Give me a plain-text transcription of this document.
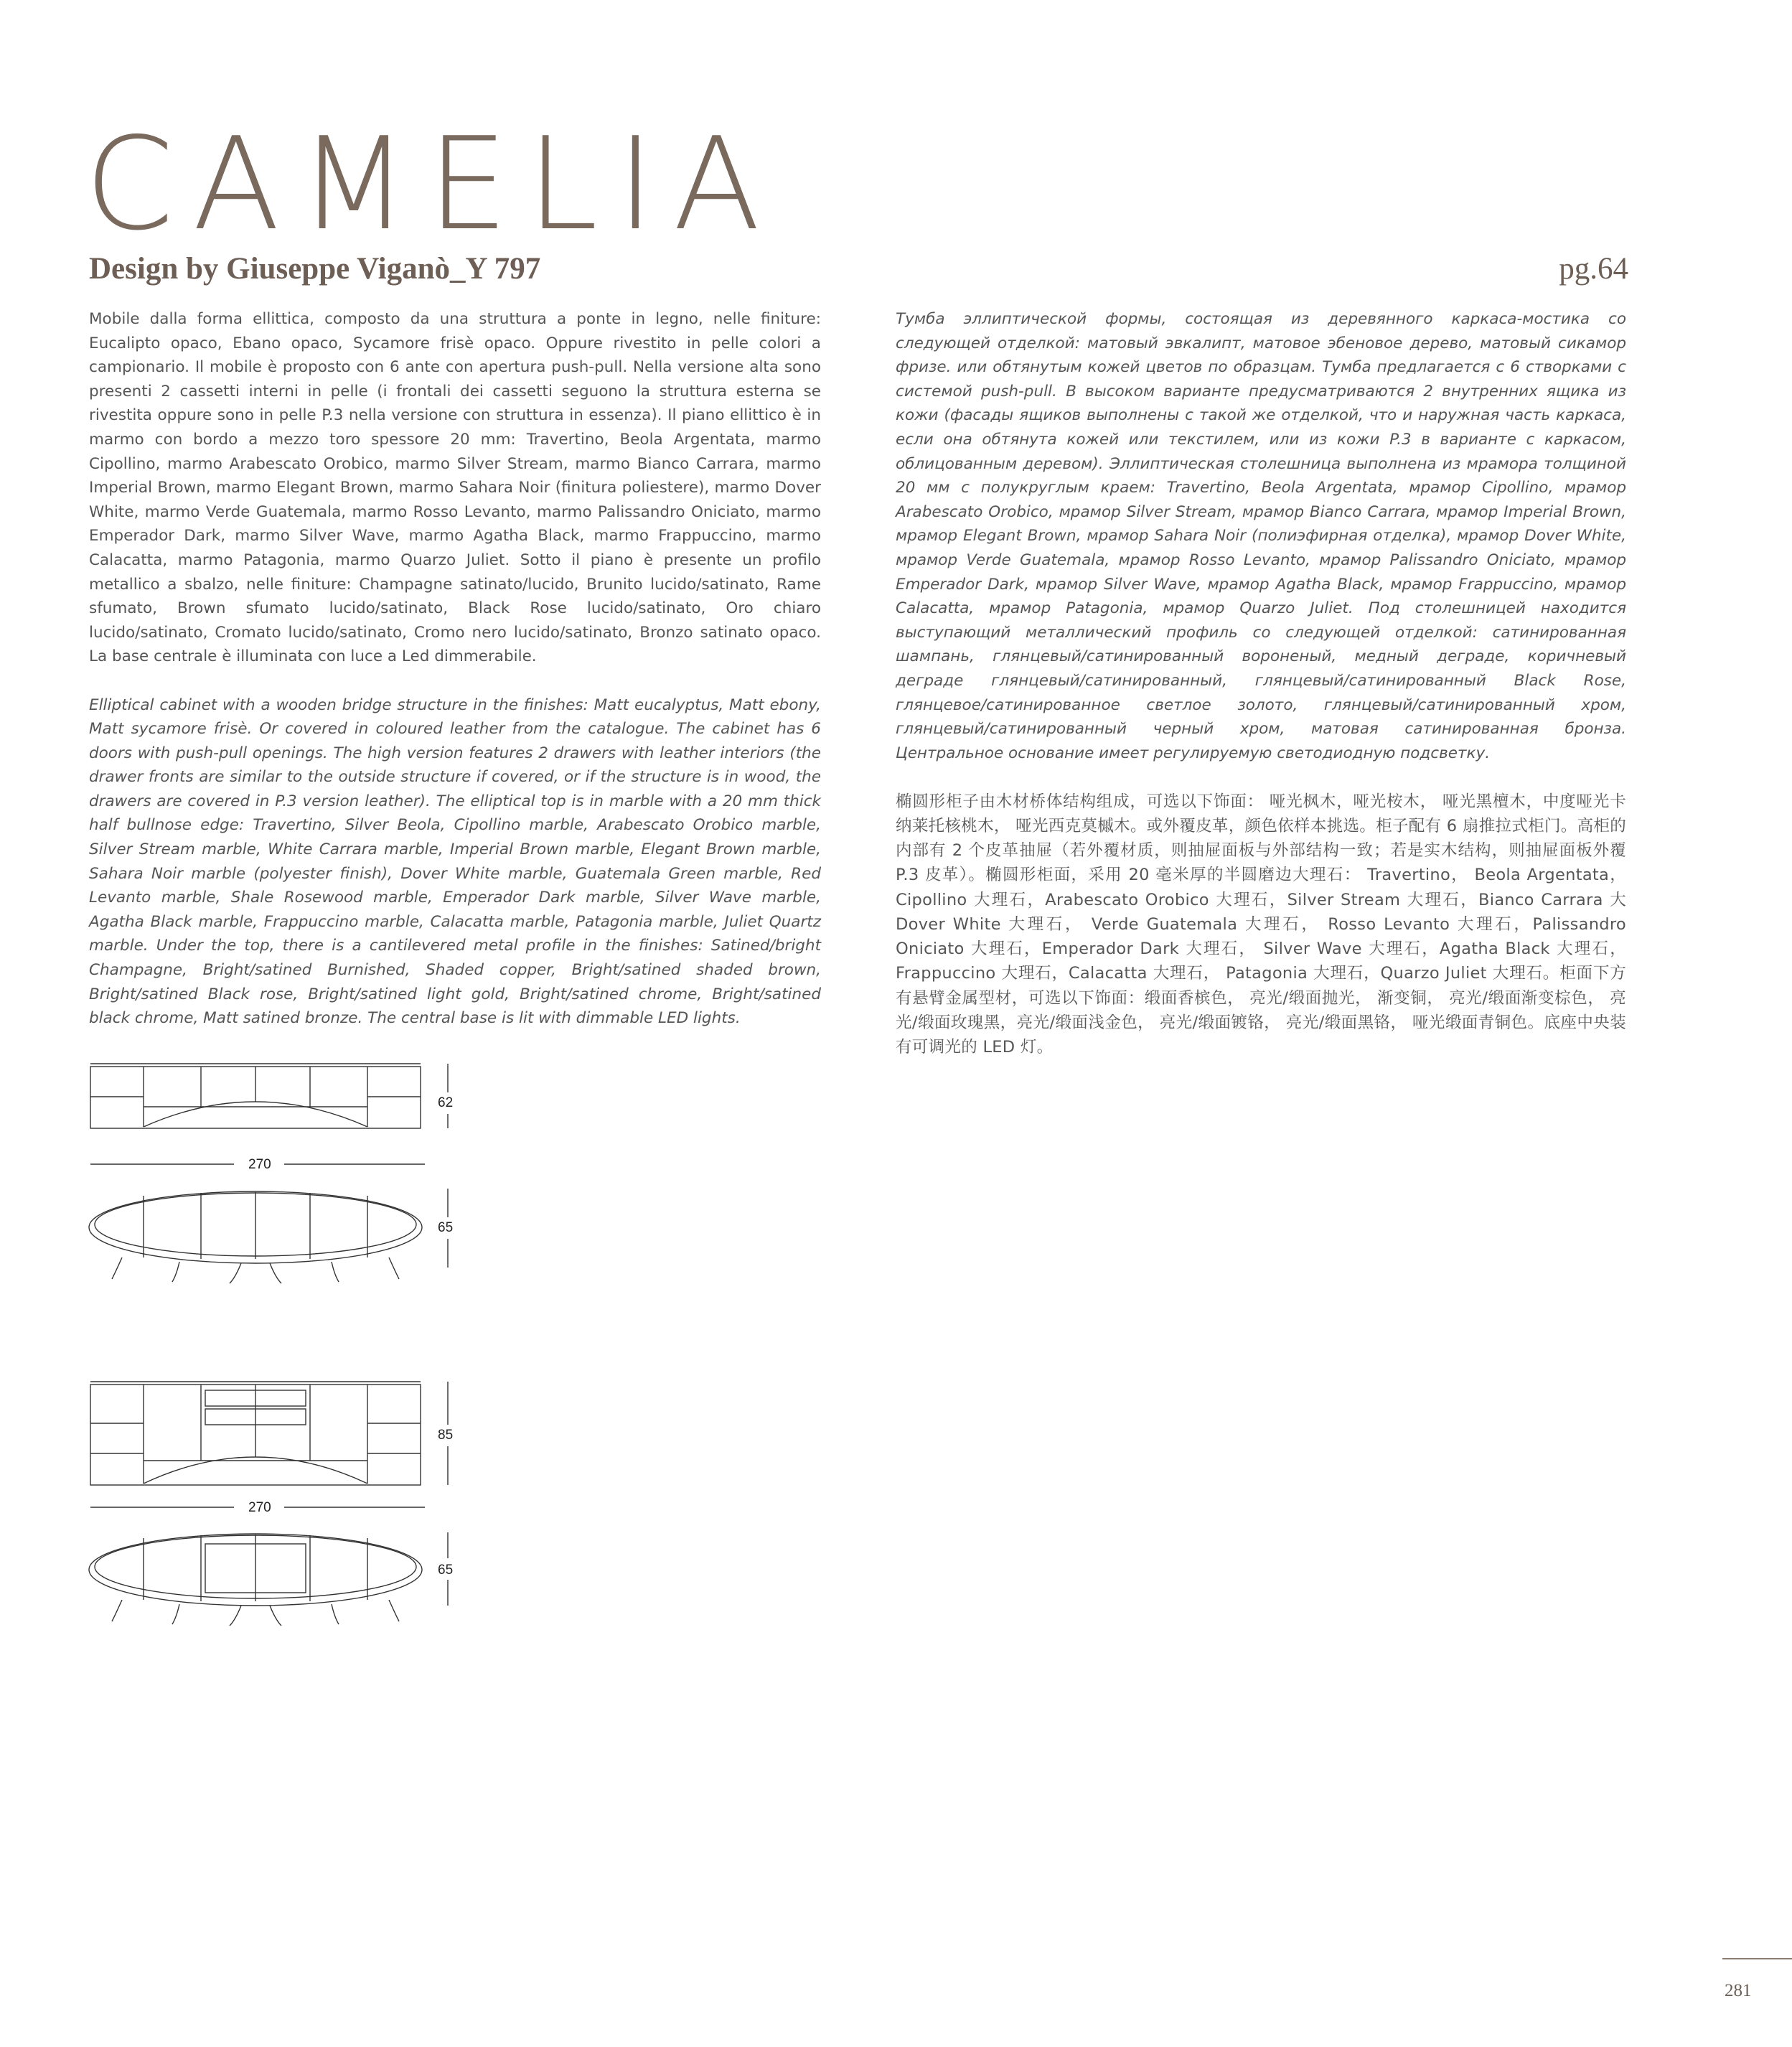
CAMELIA
Design by Giuseppe Viganò_Y 797	pg.64

Mobile dalla forma ellittica, composto da una struttura a ponte in legno, nelle finiture: Eucalipto opaco, Ebano opaco, Sycamore frisè opaco. Oppure rivestito in pelle colori a campionario. Il mobile è proposto con 6 ante con apertura push-pull. Nella versione alta sono presenti 2 cassetti interni in pelle (i frontali dei cassetti seguono la struttura esterna se rivestita oppure sono in pelle P.3 nella versione con struttura in essenza). Il piano ellittico è in marmo con bordo a mezzo toro spessore 20 mm: Travertino, Beola Argentata, marmo Cipollino, marmo Arabescato Orobico, marmo Silver Stream, marmo Bianco Carrara, marmo Imperial Brown, marmo Elegant Brown, marmo Sahara Noir (finitura poliestere), marmo Dover White, marmo Verde Guatemala, marmo Rosso Levanto, marmo Palissandro Oniciato, marmo Emperador Dark, marmo Silver Wave, marmo Agatha Black, marmo Frappuccino, marmo Calacatta, marmo Patagonia, marmo Quarzo Juliet. Sotto il piano è presente un profilo metallico a sbalzo, nelle finiture: Champagne satinato/lucido, Brunito lucido/satinato, Rame sfumato, Brown sfumato lucido/satinato, Black Rose lucido/satinato, Oro chiaro lucido/satinato, Cromato lucido/satinato, Cromo nero lucido/satinato, Bronzo satinato opaco. La base centrale è illuminata con luce a Led dimmerabile.

Elliptical cabinet with a wooden bridge structure in the finishes: Matt eucalyptus, Matt ebony, Matt sycamore frisè. Or covered in coloured leather from the catalogue. The cabinet has 6 doors with push-pull openings. The high version features 2 drawers with leather interiors (the drawer fronts are similar to the outside structure if covered, or if the structure is in wood, the drawers are covered in P.3 version leather). The elliptical top is in marble with a 20 mm thick half bullnose edge: Travertino, Silver Beola, Cipollino marble, Arabescato Orobico marble, Silver Stream marble, White Carrara marble, Imperial Brown marble, Elegant Brown marble, Sahara Noir marble (polyester finish), Dover White marble, Guatemala Green marble, Red Levanto marble, Shale Rosewood marble, Emperador Dark marble, Silver Wave marble, Agatha Black marble, Frappuccino marble, Calacatta marble, Patagonia marble, Juliet Quartz marble. Under the top, there is a cantilevered metal profile in the finishes: Satined/bright Champagne, Bright/satined Burnished, Shaded copper, Bright/satined shaded brown, Bright/satined Black rose, Bright/satined light gold, Bright/satined chrome, Bright/satined black chrome, Matt satined bronze. The central base is lit with dimmable LED lights.

Тумба эллиптической формы, состоящая из деревянного каркаса-мостика со следующей отделкой: матовый эвкалипт, матовое эбеновое дерево, матовый сикамор фризе. или обтянутым кожей цветов по образцам. Тумба предлагается с 6 створками с системой push-pull. В высоком варианте предусматриваются 2 внутренних ящика из кожи (фасады ящиков выполнены с такой же отделкой, что и наружная часть каркаса, если она обтянута кожей или текстилем, или из кожи P.3 в варианте с каркасом, облицованным деревом). Эллиптическая столешница выполнена из мрамора толщиной 20 мм с полукруглым краем: Travertino, Beola Argentata, мрамор Cipollino, мрамор Arabescato Orobico, мрамор Silver Stream, мрамор Bianco Carrara, мрамор Imperial Brown, мрамор Elegant Brown, мрамор Sahara Noir (полиэфирная отделка), мрамор Dover White, мрамор Verde Guatemala, мрамор Rosso Levanto, мрамор Palissandro Oniciato, мрамор Emperador Dark, мрамор Silver Wave, мрамор Agatha Black, мрамор Frappuccino, мрамор Calacatta, мрамор Patagonia, мрамор Quarzo Juliet. Под столешницей находится выступающий металлический профиль со следующей отделкой: сатинированная шампань, глянцевый/сатинированный вороненый, медный деграде, коричневый деграде глянцевый/сатинированный, глянцевый/сатинированный Black Rose, глянцевое/сатинированное светлое золото, глянцевый/сатинированный хром, глянцевый/сатинированный черный хром, матовая сатинированная бронза. Центральное основание имеет регулируемую светодиодную подсветку.

椭圆形柜子由木材桥体结构组成，可选以下饰面： 哑光枫木，哑光桉木， 哑光黑檀木，中度哑光卡纳莱托核桃木， 哑光西克莫槭木。或外覆皮革，颜色依样本挑选。柜子配有 6 扇推拉式柜门。高柜的内部有 2 个皮革抽屉（若外覆材质，则抽屉面板与外部结构一致；若是实木结构，则抽屉面板外覆 P.3 皮革）。椭圆形柜面，采用 20 毫米厚的半圆磨边大理石： Travertino， Beola Argentata，Cipollino 大理石，Arabescato Orobico 大理石，Silver Stream 大理石，Bianco Carrara 大Dover White 大理石， Verde Guatemala 大理石， Rosso Levanto 大理石，Palissandro Oniciato 大理石，Emperador Dark 大理石， Silver Wave 大理石，Agatha Black 大理石， Frappuccino 大理石，Calacatta 大理石， Patagonia 大理石，Quarzo Juliet 大理石。柜面下方有悬臂金属型材，可选以下饰面：缎面香槟色， 亮光/缎面抛光， 渐变铜， 亮光/缎面渐变棕色， 亮光/缎面玫瑰黑，亮光/缎面浅金色， 亮光/缎面镀铬， 亮光/缎面黑铬， 哑光缎面青铜色。底座中央装有可调光的 LED 灯。

62
270
65
85
270
65
281
